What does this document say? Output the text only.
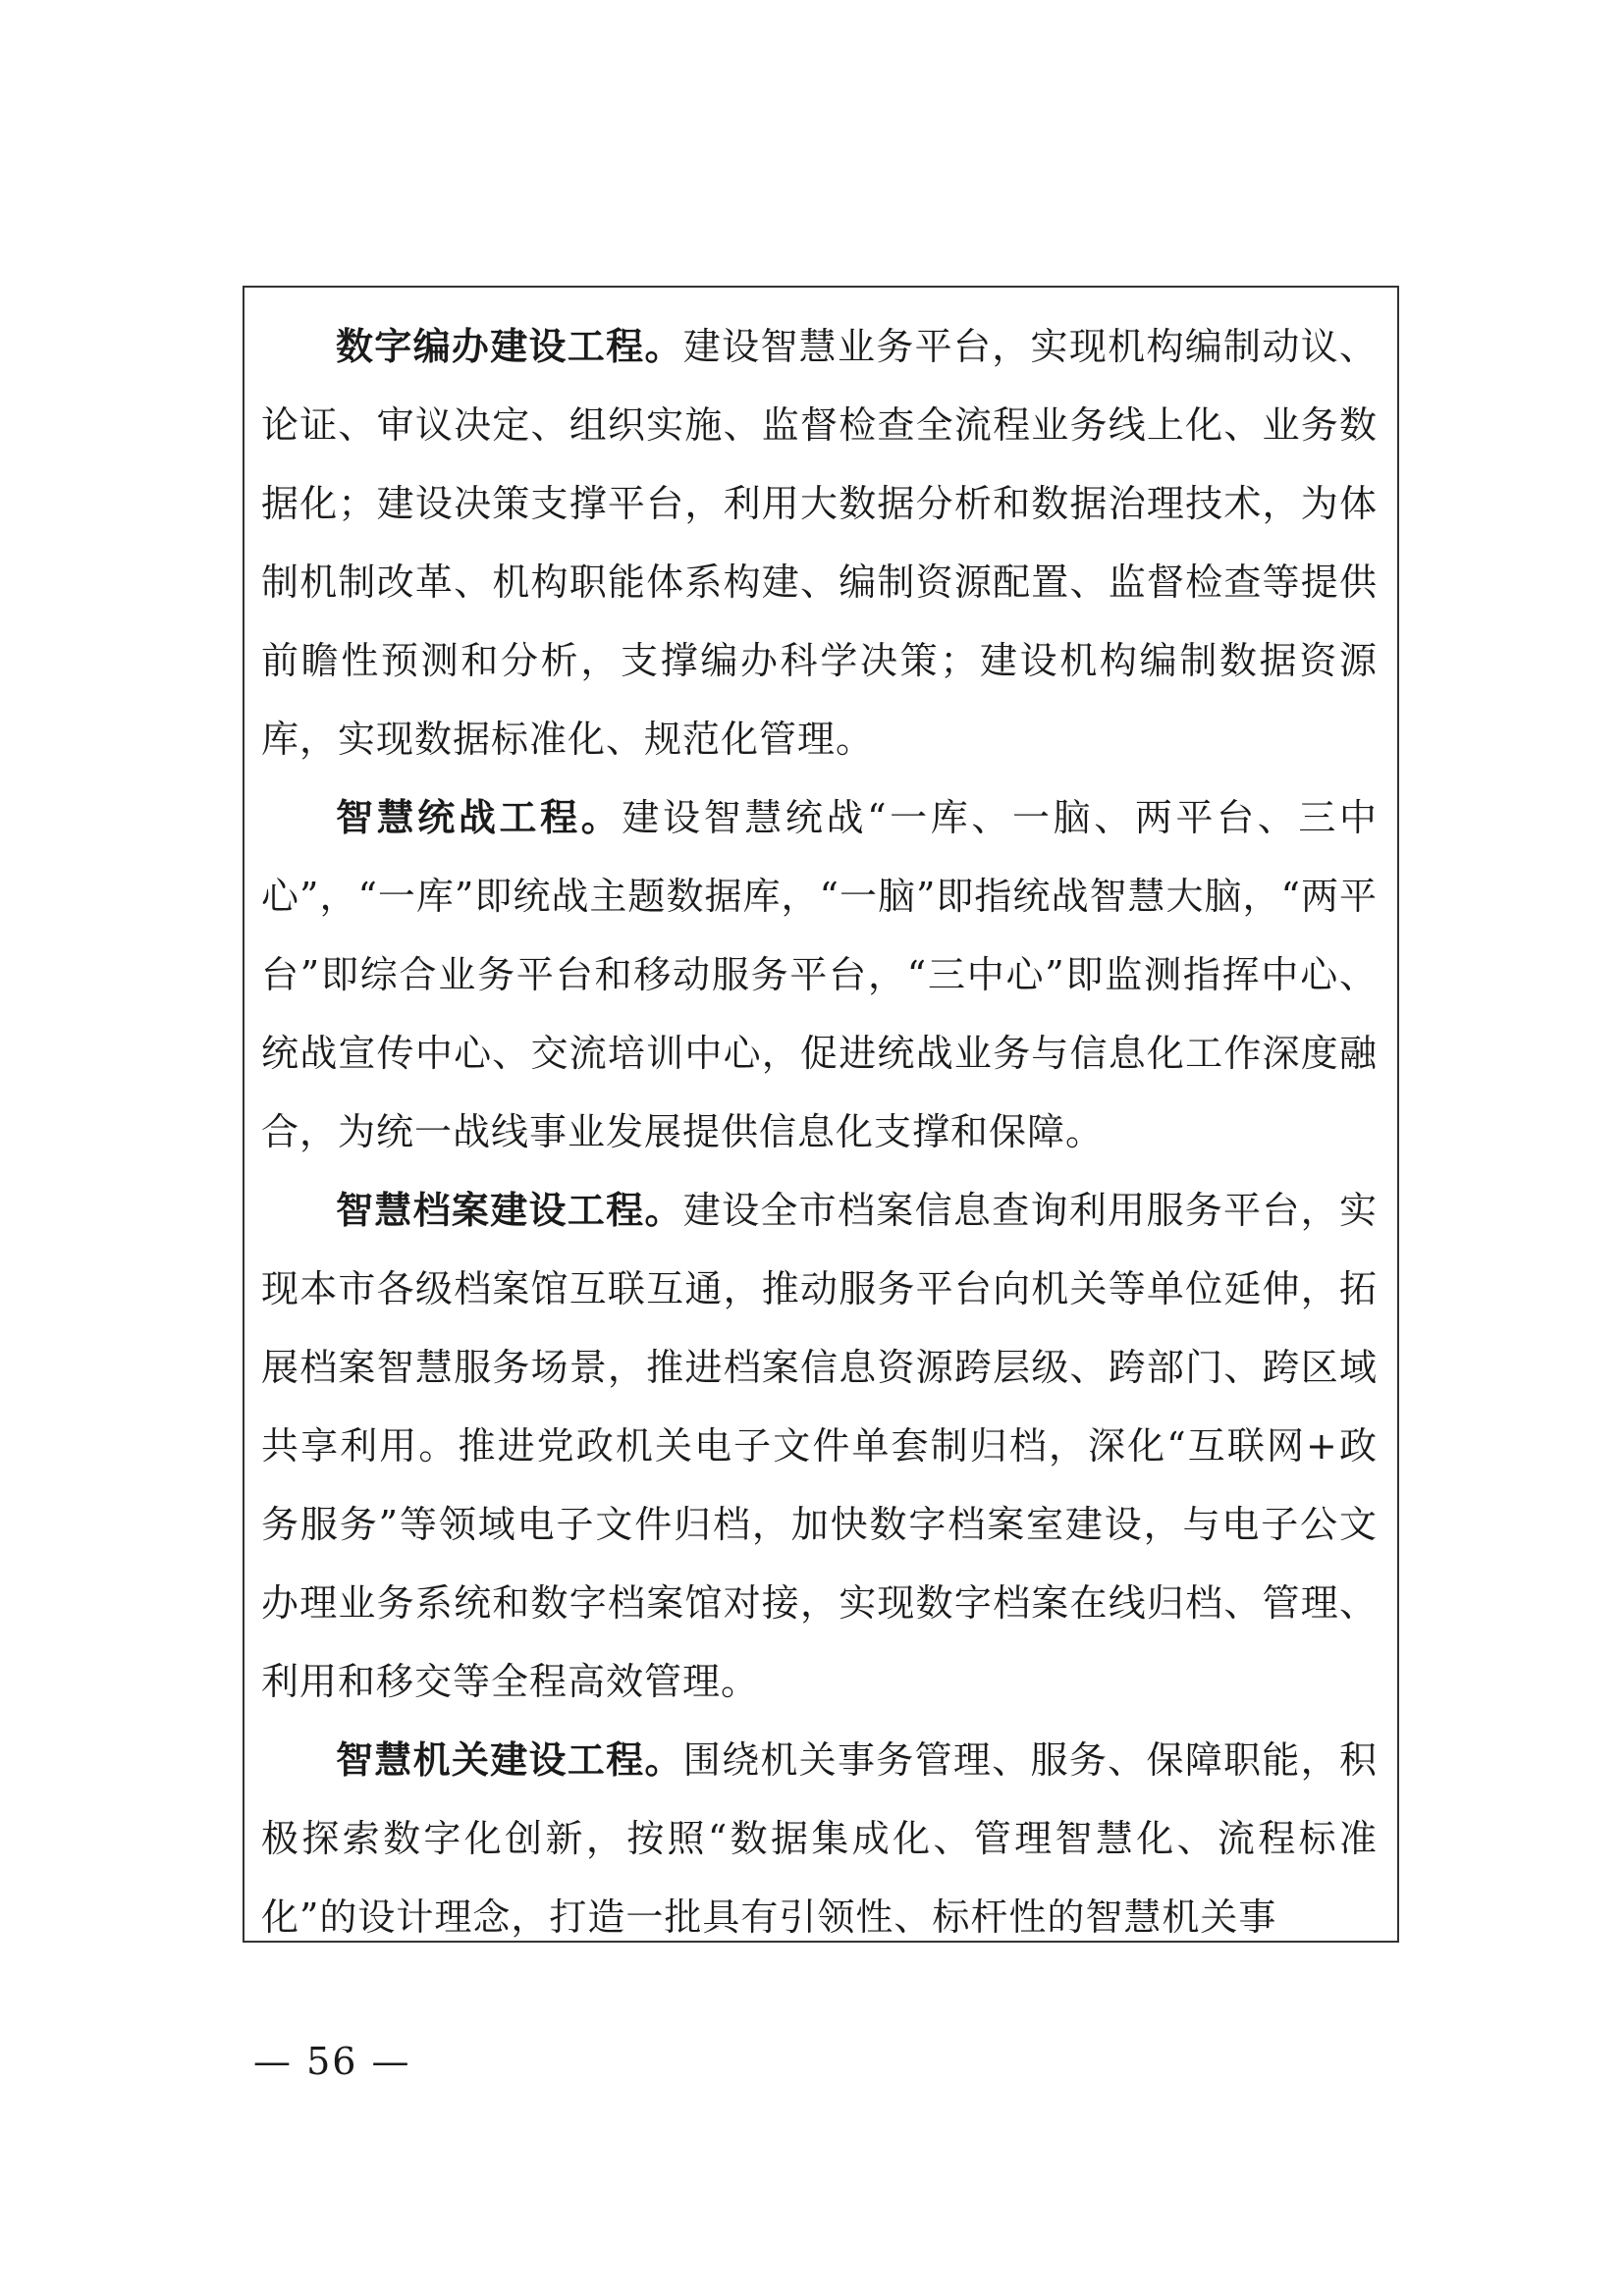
数字编办建设工程。建设智慧业务平台，实现机构编制动议、论证、审议决定、组织实施、监督检查全流程业务线上化、业务数据化；建设决策支撑平台，利用大数据分析和数据治理技术，为体制机制改革、机构职能体系构建、编制资源配置、监督检查等提供前瞻性预测和分析，支撑编办科学决策；建设机构编制数据资源库，实现数据标准化、规范化管理。

智慧统战工程。建设智慧统战“一库、一脑、两平台、三中心”，“一库”即统战主题数据库，“一脑”即指统战智慧大脑，“两平台”即综合业务平台和移动服务平台，“三中心”即监测指挥中心、统战宣传中心、交流培训中心，促进统战业务与信息化工作深度融合，为统一战线事业发展提供信息化支撑和保障。

智慧档案建设工程。建设全市档案信息查询利用服务平台，实现本市各级档案馆互联互通，推动服务平台向机关等单位延伸，拓展档案智慧服务场景，推进档案信息资源跨层级、跨部门、跨区域共享利用。推进党政机关电子文件单套制归档，深化“互联网+政务服务”等领域电子文件归档，加快数字档案室建设，与电子公文办理业务系统和数字档案馆对接，实现数字档案在线归档、管理、利用和移交等全程高效管理。

智慧机关建设工程。围绕机关事务管理、服务、保障职能，积极探索数字化创新，按照“数据集成化、管理智慧化、流程标准化”的设计理念，打造一批具有引领性、标杆性的智慧机关事

— 56 —
